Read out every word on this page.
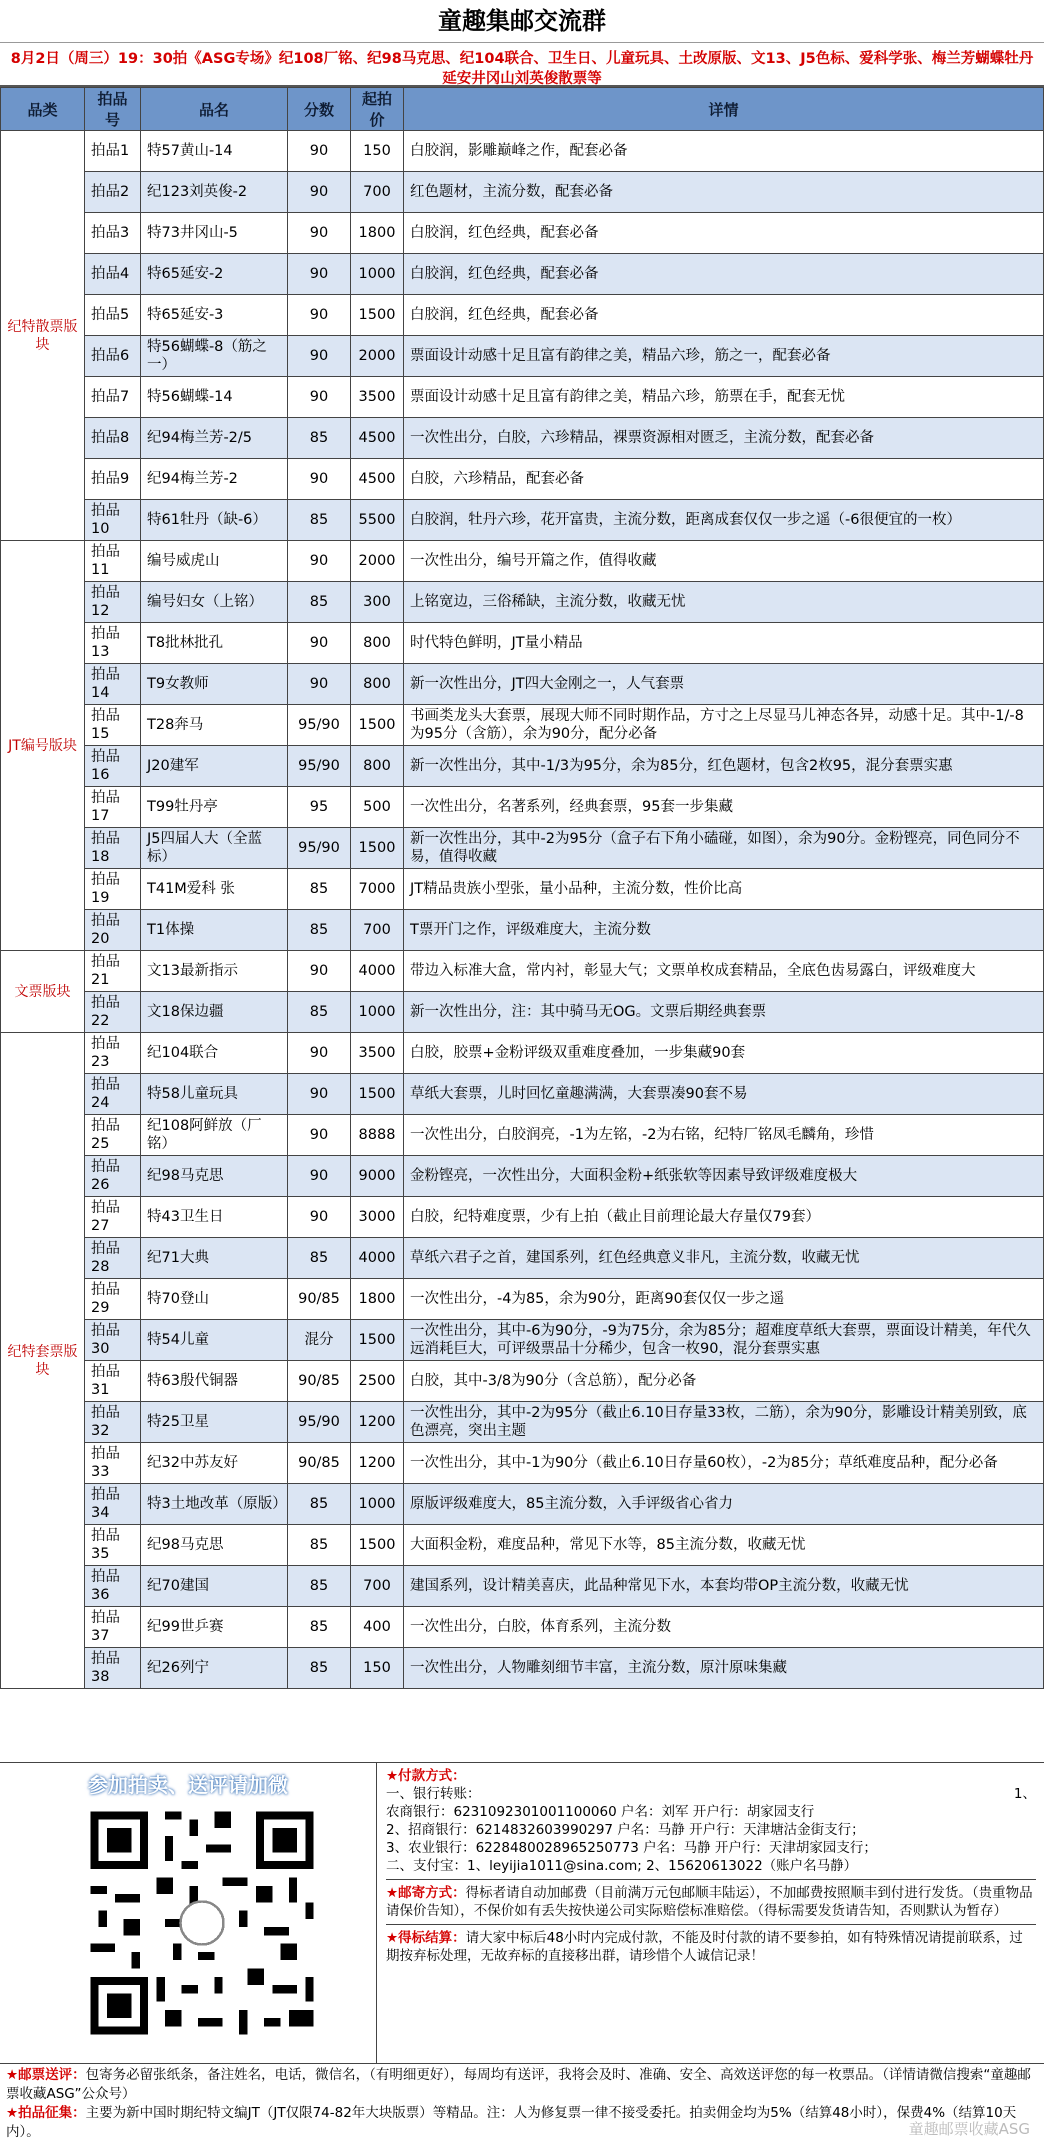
童趣集邮交流群
8月2日（周三）19：30拍《ASG专场》纪108厂铭、纪98马克思、纪104联合、卫生日、儿童玩具、土改原版、文13、J5色标、爱科学张、梅兰芳蝴蝶牡丹延安井冈山刘英俊散票等
品类	拍品号	品名	分数	起拍价	详情
纪特散票版块	拍品1	特57黄山-14	90	150	白胶润，影雕巅峰之作，配套必备
	拍品2	纪123刘英俊-2	90	700	红色题材，主流分数，配套必备
	拍品3	特73井冈山-5	90	1800	白胶润，红色经典，配套必备
	拍品4	特65延安-2	90	1000	白胶润，红色经典，配套必备
	拍品5	特65延安-3	90	1500	白胶润，红色经典，配套必备
	拍品6	特56蝴蝶-8（筋之一）	90	2000	票面设计动感十足且富有韵律之美，精品六珍，筋之一，配套必备
	拍品7	特56蝴蝶-14	90	3500	票面设计动感十足且富有韵律之美，精品六珍，筋票在手，配套无忧
	拍品8	纪94梅兰芳-2/5	85	4500	一次性出分，白胶，六珍精品，裸票资源相对匮乏，主流分数，配套必备
	拍品9	纪94梅兰芳-2	90	4500	白胶，六珍精品，配套必备
	拍品10	特61牡丹（缺-6）	85	5500	白胶润，牡丹六珍，花开富贵，主流分数，距离成套仅仅一步之遥（-6很便宜的一枚）
JT编号版块	拍品11	编号威虎山	90	2000	一次性出分，编号开篇之作，值得收藏
	拍品12	编号妇女（上铭）	85	300	上铭宽边，三俗稀缺，主流分数，收藏无忧
	拍品13	T8批林批孔	90	800	时代特色鲜明，JT量小精品
	拍品14	T9女教师	90	800	新一次性出分，JT四大金刚之一，人气套票
	拍品15	T28奔马	95/90	1500	书画类龙头大套票，展现大师不同时期作品，方寸之上尽显马儿神态各异，动感十足。其中-1/-8为95分（含筋），余为90分，配分必备
	拍品16	J20建军	95/90	800	新一次性出分，其中-1/3为95分，余为85分，红色题材，包含2枚95，混分套票实惠
	拍品17	T99牡丹亭	95	500	一次性出分，名著系列，经典套票，95套一步集藏
	拍品18	J5四届人大（全蓝标）	95/90	1500	新一次性出分，其中-2为95分（盒子右下角小磕碰，如图），余为90分。金粉铿亮，同色同分不易，值得收藏
	拍品19	T41M爱科 张	85	7000	JT精品贵族小型张，量小品种，主流分数，性价比高
	拍品20	T1体操	85	700	T票开门之作，评级难度大，主流分数
文票版块	拍品21	文13最新指示	90	4000	带边入标准大盒，常内衬，彰显大气；文票单枚成套精品，全底色齿易露白，评级难度大
	拍品22	文18保边疆	85	1000	新一次性出分，注：其中骑马无OG。文票后期经典套票
纪特套票版块	拍品23	纪104联合	90	3500	白胶，胶票+金粉评级双重难度叠加，一步集藏90套
	拍品24	特58儿童玩具	90	1500	草纸大套票，儿时回忆童趣满满，大套票凑90套不易
	拍品25	纪108阿鲜放（厂铭）	90	8888	一次性出分，白胶润亮，-1为左铭，-2为右铭，纪特厂铭凤毛麟角，珍惜
	拍品26	纪98马克思	90	9000	金粉铿亮，一次性出分，大面积金粉+纸张软等因素导致评级难度极大
	拍品27	特43卫生日	90	3000	白胶，纪特难度票，少有上拍（截止目前理论最大存量仅79套）
	拍品28	纪71大典	85	4000	草纸六君子之首，建国系列，红色经典意义非凡，主流分数，收藏无忧
	拍品29	特70登山	90/85	1800	一次性出分，-4为85，余为90分，距离90套仅仅一步之遥
	拍品30	特54儿童	混分	1500	一次性出分，其中-6为90分，-9为75分，余为85分；超难度草纸大套票，票面设计精美，年代久远消耗巨大，可评级票品十分稀少，包含一枚90，混分套票实惠
	拍品31	特63殷代铜器	90/85	2500	白胶，其中-3/8为90分（含总筋），配分必备
	拍品32	特25卫星	95/90	1200	一次性出分，其中-2为95分（截止6.10日存量33枚，二筋），余为90分，影雕设计精美别致，底色漂亮，突出主题
	拍品33	纪32中苏友好	90/85	1200	一次性出分，其中-1为90分（截止6.10日存量60枚），-2为85分；草纸难度品种，配分必备
	拍品34	特3土地改革（原版）	85	1000	原版评级难度大，85主流分数，入手评级省心省力
	拍品35	纪98马克思	85	1500	大面积金粉，难度品种，常见下水等，85主流分数，收藏无忧
	拍品36	纪70建国	85	700	建国系列，设计精美喜庆，此品种常见下水，本套均带OP主流分数，收藏无忧
	拍品37	纪99世乒赛	85	400	一次性出分，白胶，体育系列，主流分数
	拍品38	纪26列宁	85	150	一次性出分，人物雕刻细节丰富，主流分数，原汁原味集藏
参加拍卖、送评请加微	★付款方式：

一、银行转账：	1、

农商银行：6231092301001100060 户名：刘军 开户行：胡家园支行

2、招商银行：6214832603990297 户名：马静 开户行：天津塘沽金街支行；

3、农业银行：6228480028965250773 户名：马静 开户行：天津胡家园支行；

二、支付宝：1、leyijia1011@sina.com; 2、15620613022（账户名马静）

★邮寄方式：得标者请自动加邮费（目前满万元包邮顺丰陆运），不加邮费按照顺丰到付进行发货。（贵重物品请保价告知），不保价如有丢失按快递公司实际赔偿标准赔偿。（得标需要发货请告知，否则默认为暂存）

★得标结算：请大家中标后48小时内完成付款，不能及时付款的请不要参拍，如有特殊情况请提前联系，过期按弃标处理，无故弃标的直接移出群，请珍惜个人诚信记录！

★邮票送评：包寄务必留张纸条，备注姓名，电话，微信名，（有明细更好），每周均有送评，我将会及时、准确、安全、高效送评您的每一枚票品。（详情请微信搜索“童趣邮票收藏ASG”公众号）

★拍品征集：主要为新中国时期纪特文编JT（JT仅限74-82年大块版票）等精品。注：人为修复票一律不接受委托。拍卖佣金均为5%（结算48小时），保费4%（结算10天内）。	童趣邮票收藏ASG
